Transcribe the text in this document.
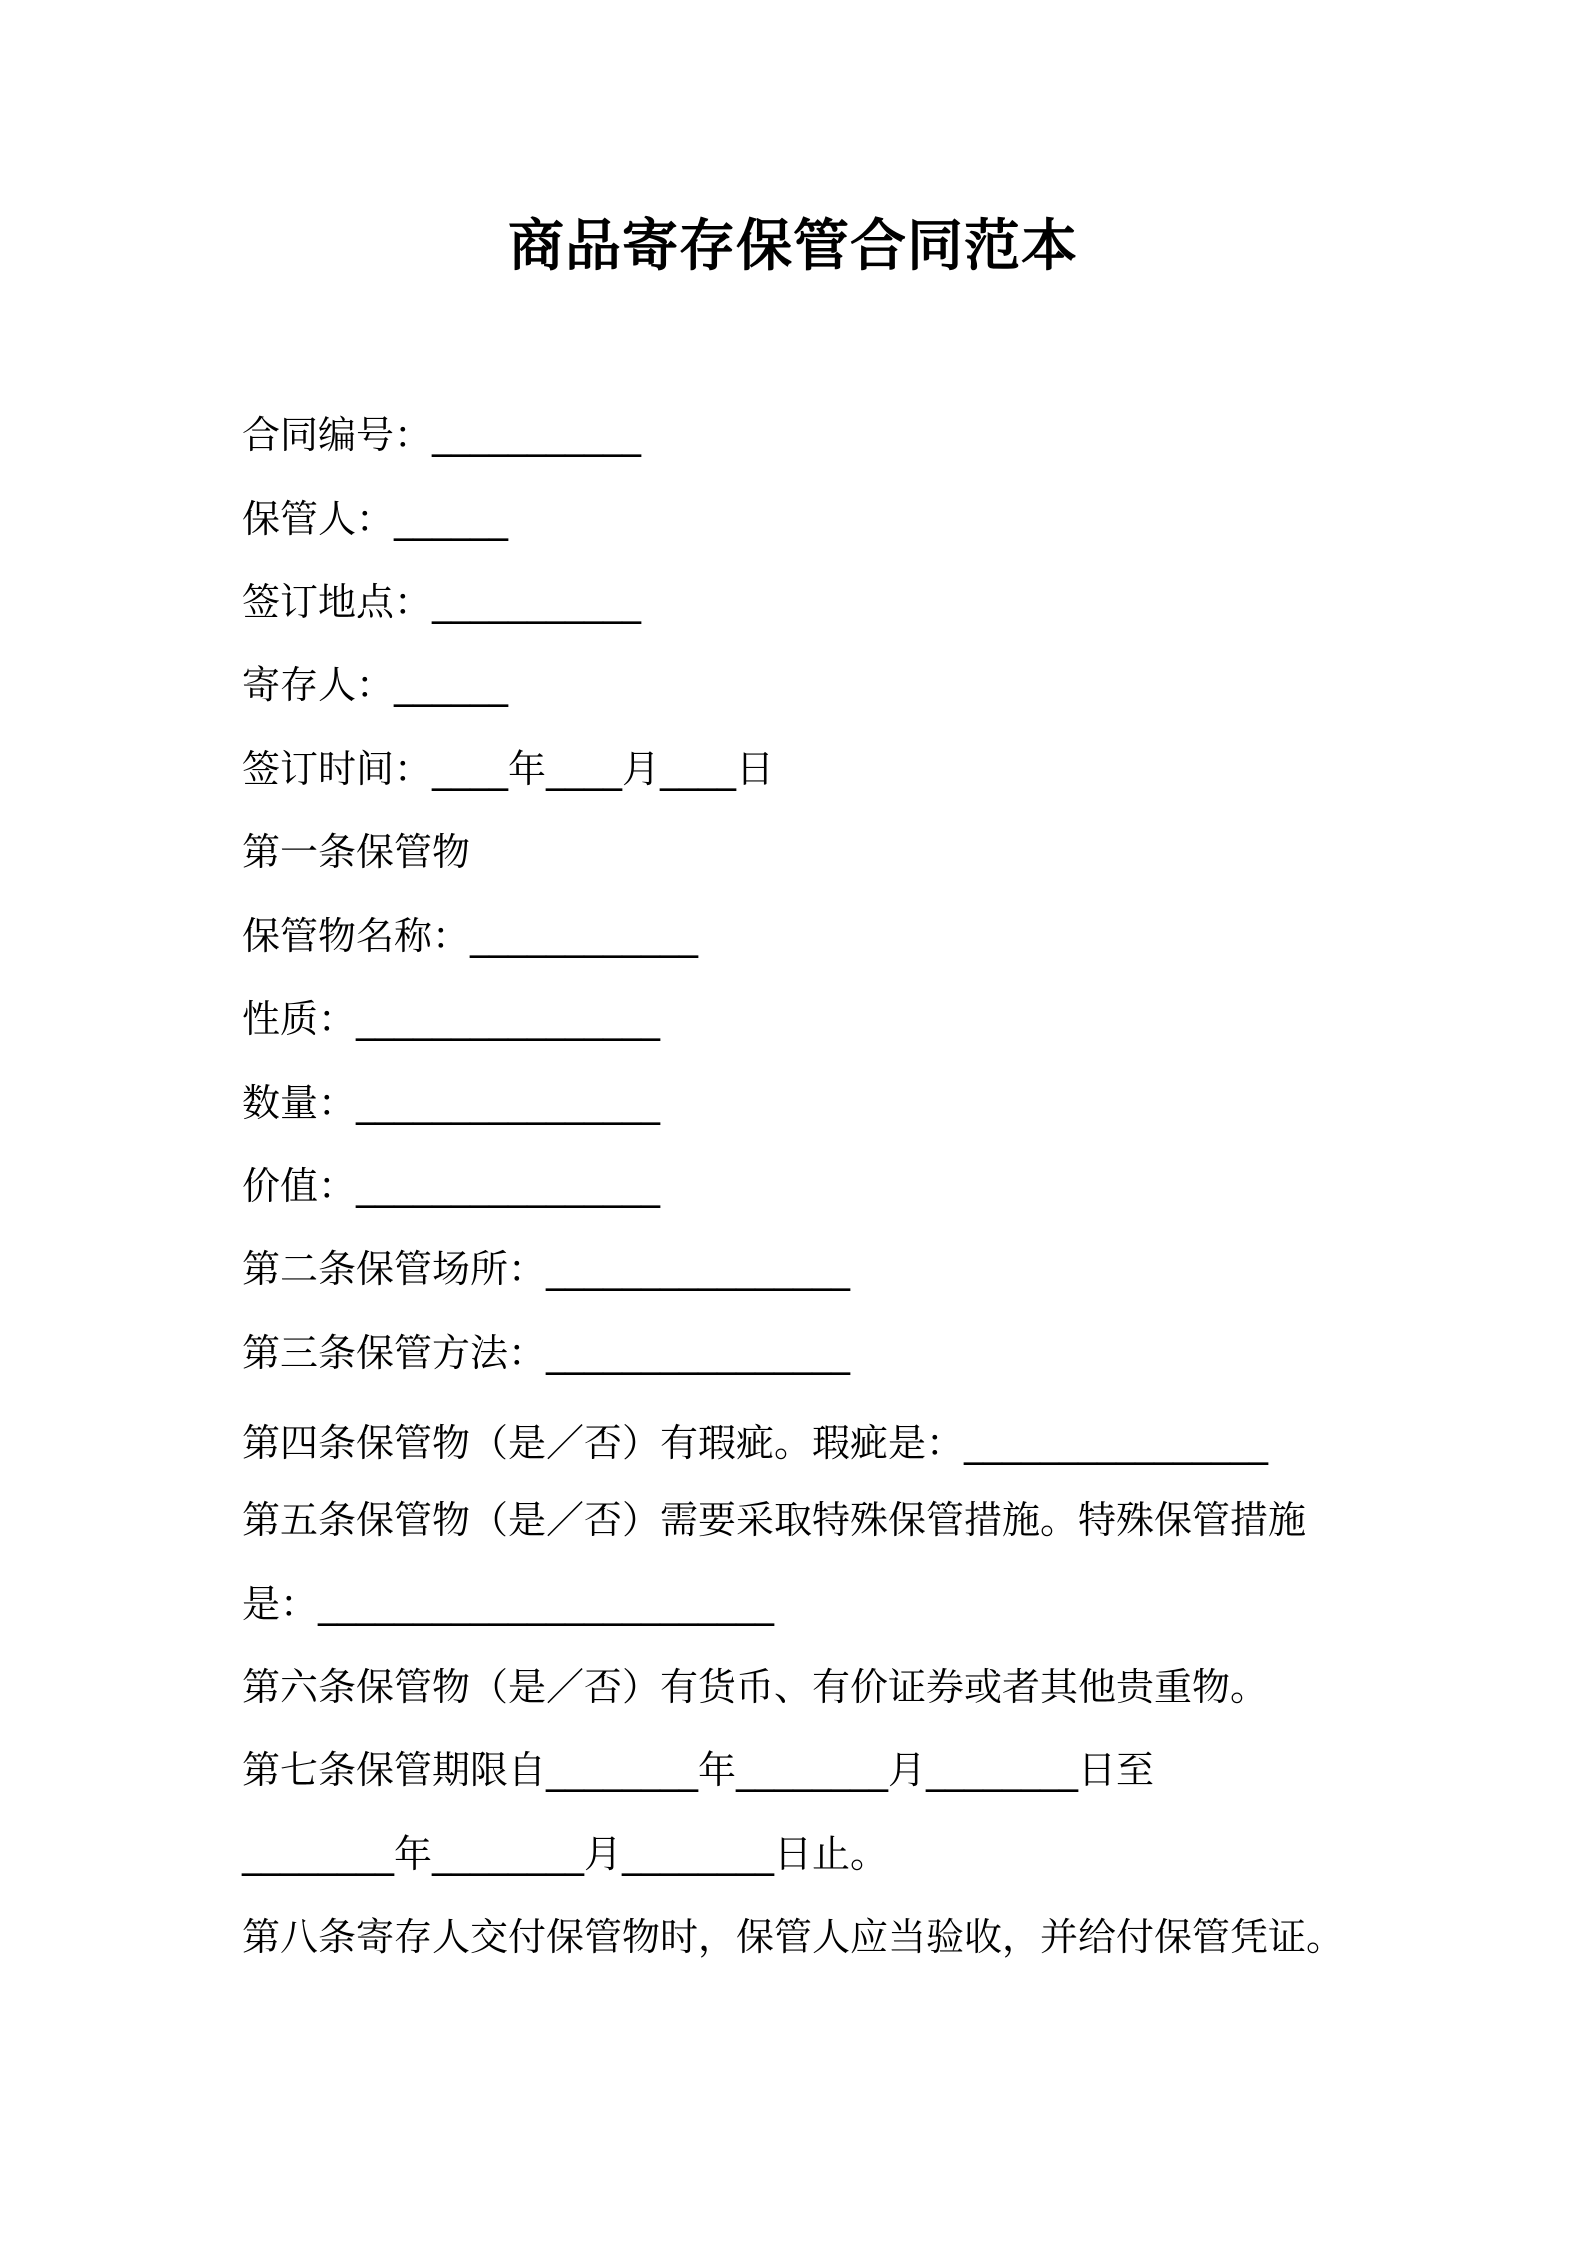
商品寄存保管合同范本
合同编号：___________
保管人：______
签订地点：___________
寄存人：______
签订时间：____年____月____日
第一条保管物
保管物名称：____________
性质：________________
数量：________________
价值：________________
第二条保管场所：________________
第三条保管方法：________________
第四条保管物（是／否）有瑕疵。瑕疵是：________________
第五条保管物（是／否）需要采取特殊保管措施。特殊保管措施
是：________________________
第六条保管物（是／否）有货币、有价证券或者其他贵重物。
第七条保管期限自________年________月________日至
________年________月________日止。
第八条寄存人交付保管物时，保管人应当验收，并给付保管凭证。
